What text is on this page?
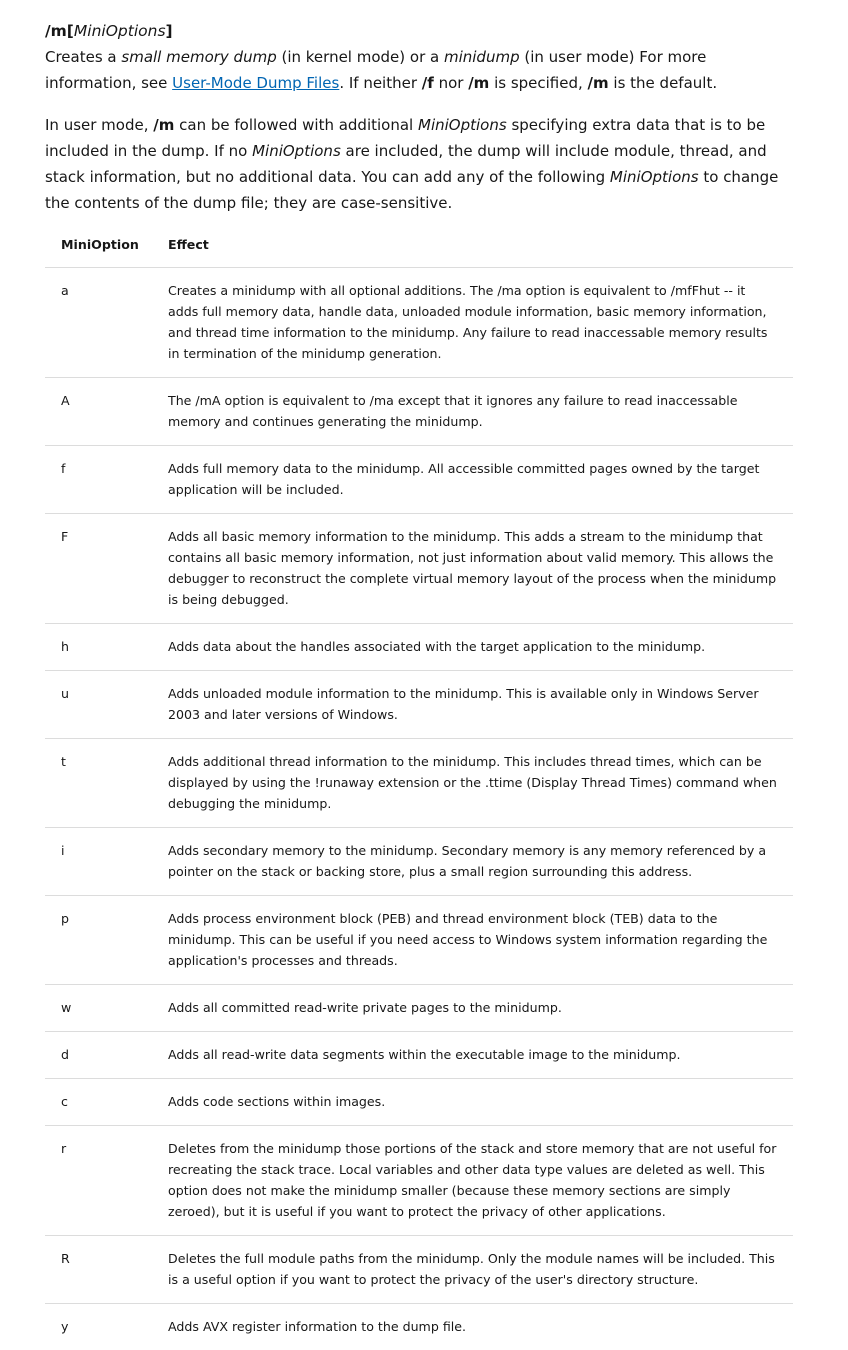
/m[MiniOptions]

Creates a small memory dump (in kernel mode) or a minidump (in user mode) For more information, see User-Mode Dump Files. If neither /f nor /m is specified, /m is the default.

In user mode, /m can be followed with additional MiniOptions specifying extra data that is to be included in the dump. If no MiniOptions are included, the dump will include module, thread, and stack information, but no additional data. You can add any of the following MiniOptions to change the contents of the dump file; they are case-sensitive.

MiniOption	Effect
a	Creates a minidump with all optional additions. The /ma option is equivalent to /mfFhut -- it adds full memory data, handle data, unloaded module information, basic memory information, and thread time information to the minidump. Any failure to read inaccessable memory results in termination of the minidump generation.
A	The /mA option is equivalent to /ma except that it ignores any failure to read inaccessable memory and continues generating the minidump.
f	Adds full memory data to the minidump. All accessible committed pages owned by the target application will be included.
F	Adds all basic memory information to the minidump. This adds a stream to the minidump that contains all basic memory information, not just information about valid memory. This allows the debugger to reconstruct the complete virtual memory layout of the process when the minidump is being debugged.
h	Adds data about the handles associated with the target application to the minidump.
u	Adds unloaded module information to the minidump. This is available only in Windows Server 2003 and later versions of Windows.
t	Adds additional thread information to the minidump. This includes thread times, which can be displayed by using the !runaway extension or the .ttime (Display Thread Times) command when debugging the minidump.
i	Adds secondary memory to the minidump. Secondary memory is any memory referenced by a pointer on the stack or backing store, plus a small region surrounding this address.
p	Adds process environment block (PEB) and thread environment block (TEB) data to the minidump. This can be useful if you need access to Windows system information regarding the application's processes and threads.
w	Adds all committed read-write private pages to the minidump.
d	Adds all read-write data segments within the executable image to the minidump.
c	Adds code sections within images.
r	Deletes from the minidump those portions of the stack and store memory that are not useful for recreating the stack trace. Local variables and other data type values are deleted as well. This option does not make the minidump smaller (because these memory sections are simply zeroed), but it is useful if you want to protect the privacy of other applications.
R	Deletes the full module paths from the minidump. Only the module names will be included. This is a useful option if you want to protect the privacy of the user's directory structure.
y	Adds AVX register information to the dump file.
